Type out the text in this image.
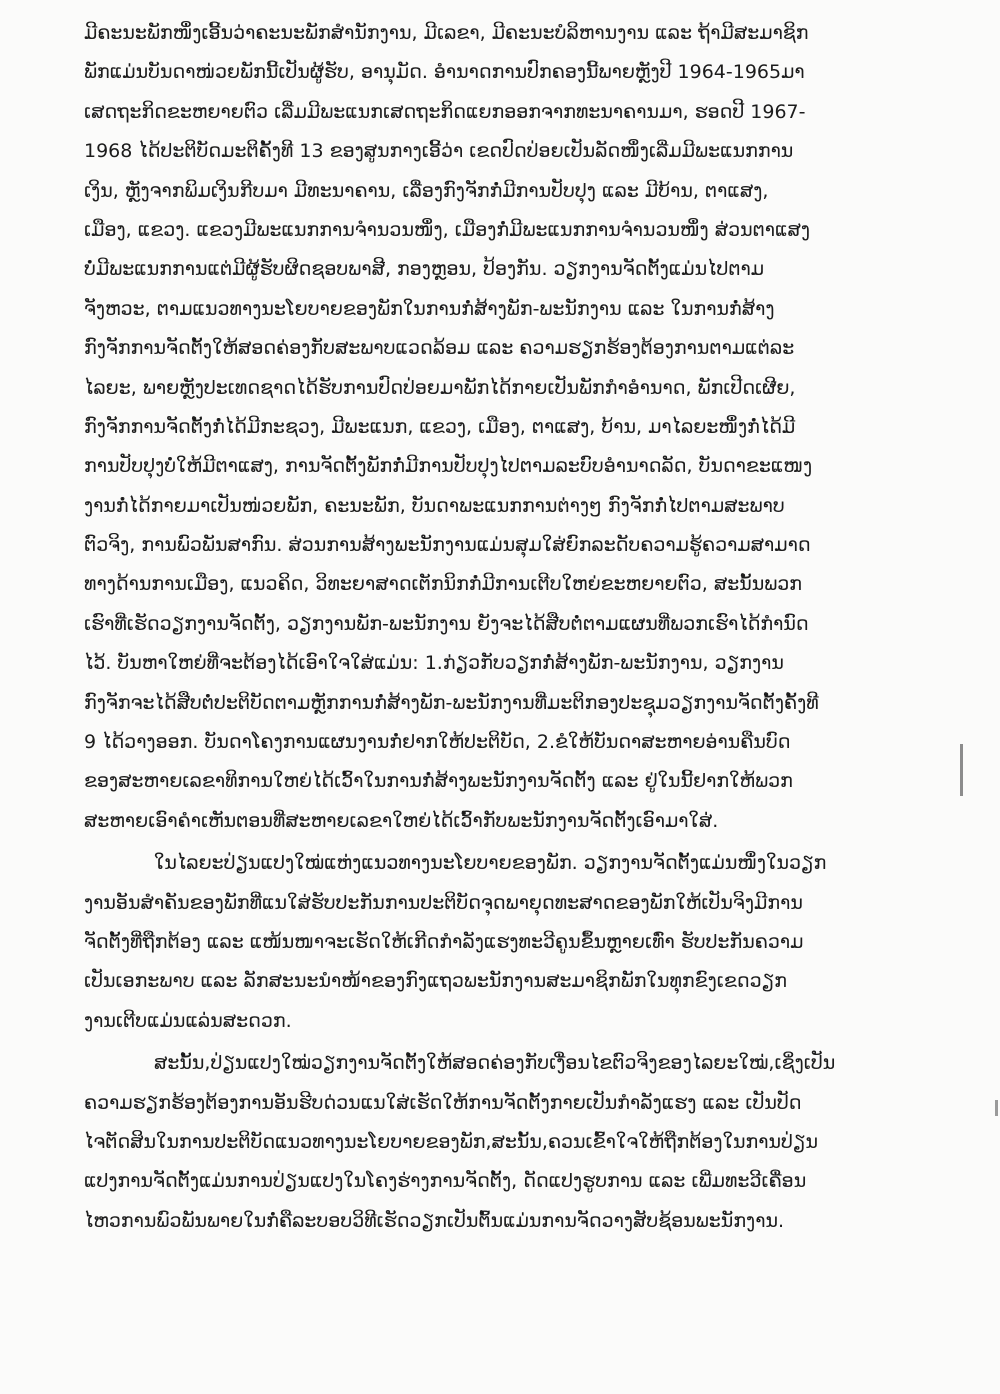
ມີຄະນະພັກໜຶ່ງເອີ້ນວ່າຄະນະພັກສຳນັກງານ, ມີເລຂາ, ມີຄະນະບໍລິຫານງານ ແລະ ຖ້າມີສະມາຊິກ
ພັກແມ່ນບັນດາໜ່ວຍພັກນີ້ເປັນຜູ້ຮັບ, ອານຸມັດ. ອຳນາດການປົກຄອງນີ້ພາຍຫຼັງປີ 1964-1965ມາ
ເສດຖະກິດຂະຫຍາຍຕົວ ເລີ່ມມີພະແນກເສດຖະກິດແຍກອອກຈາກທະນາຄານມາ, ຮອດປີ 1967-
1968 ໄດ້ປະຕິບັດມະຕິຄັ້ງທີ 13 ຂອງສູນກາງເອີ້ວ່າ ເຂດປົດປ່ອຍເປັນລັດໜຶ່ງເລີ່ມມີພະແນກການ
ເງິນ, ຫຼັງຈາກພິມເງິນກີບມາ ມີທະນາຄານ, ເລື່ອງກົງຈັກກໍ່ມີການປັບປຸງ ແລະ ມີບ້ານ, ຕາແສງ,
ເມືອງ, ແຂວງ. ແຂວງມີພະແນກການຈຳນວນໜຶ່ງ, ເມືອງກໍ່ມີພະແນກການຈຳນວນໜຶ່ງ ສ່ວນຕາແສງ
ບໍ່ມີພະແນກການແຕ່ມີຜູ້ຮັບຜິດຊອບພາສີ, ກອງຫຼອນ, ປ້ອງກັນ. ວຽກງານຈັດຕັ້ງແມ່ນໄປຕາມ
ຈັງຫວະ, ຕາມແນວທາງນະໂຍບາຍຂອງພັກໃນການກໍ່ສ້າງພັກ-ພະນັກງານ ແລະ ໃນການກໍ່ສ້າງ
ກົງຈັກການຈັດຕັ້ງໃຫ້ສອດຄ່ອງກັບສະພາບແວດລ້ອມ ແລະ ຄວາມຮຽກຮ້ອງຕ້ອງການຕາມແຕ່ລະ
ໄລຍະ, ພາຍຫຼັງປະເທດຊາດໄດ້ຮັບການປົດປ່ອຍມາພັກໄດ້ກາຍເປັນພັກກຳອຳນາດ, ພັກເປີດເຜີຍ,
ກົງຈັກການຈັດຕັ້ງກໍ່ໄດ້ມີກະຊວງ, ມີພະແນກ, ແຂວງ, ເມືອງ, ຕາແສງ, ບ້ານ, ມາໄລຍະໜຶ່ງກໍ່ໄດ້ມີ
ການປັບປຸງບໍ່ໃຫ້ມີຕາແສງ, ການຈັດຕັ້ງພັກກໍ່ມີການປັບປຸງໄປຕາມລະບົບອຳນາດລັດ, ບັນດາຂະແໜງ
ງານກໍ່ໄດ້ກາຍມາເປັນໜ່ວຍພັກ, ຄະນະພັກ, ບັນດາພະແນກການຕ່າງໆ ກົງຈັກກໍ່ໄປຕາມສະພາບ
ຕົວຈິງ, ການພົວພັນສາກົນ. ສ່ວນການສ້າງພະນັກງານແມ່ນສຸມໃສ່ຍົກລະດັບຄວາມຮູ້ຄວາມສາມາດ
ທາງດ້ານການເມືອງ, ແນວຄິດ, ວິທະຍາສາດເຕັກນິກກໍ່ມີການເຕີບໃຫຍ່ຂະຫຍາຍຕົວ, ສະນັ້ນພວກ
ເຮົາທີ່ເຮັດວຽກງານຈັດຕັ້ງ, ວຽກງານພັກ-ພະນັກງານ ຍັງຈະໄດ້ສືບຕໍ່ຕາມແຜນທີ່ພວກເຮົາໄດ້ກຳນົດ
ໄວ້. ບັນຫາໃຫຍ່ທີ່ຈະຕ້ອງໄດ້ເອົາໃຈໃສ່ແມ່ນ: 1.ກ່ຽວກັບວຽກກໍ່ສ້າງພັກ-ພະນັກງານ, ວຽກງານ
ກົງຈັກຈະໄດ້ສືບຕໍ່ປະຕິບັດຕາມຫຼັກການກໍ່ສ້າງພັກ-ພະນັກງານທີ່ມະຕິກອງປະຊຸມວຽກງານຈັດຕັ້ງຄັ້ງທີ
9 ໄດ້ວາງອອກ. ບັນດາໂຄງການແຜນງານກໍ່ຢາກໃຫ້ປະຕິບັດ, 2.ຂໍໃຫ້ບັນດາສະຫາຍອ່ານຄືນບົດ
ຂອງສະຫາຍເລຂາທິການໃຫຍ່ໄດ້ເວົ້າໃນການກໍ່ສ້າງພະນັກງານຈັດຕັ້ງ ແລະ ຢູ່ໃນນີ້ຢາກໃຫ້ພວກ
ສະຫາຍເອົາຄຳເຫັນຕອນທີ່ສະຫາຍເລຂາໃຫຍ່ໄດ້ເວົ້າກັບພະນັກງານຈັດຕັ້ງເອົາມາໃສ່.
ໃນໄລຍະປ່ຽນແປງໃໝ່ແຫ່ງແນວທາງນະໂຍບາຍຂອງພັກ. ວຽກງານຈັດຕັ້ງແມ່ນໜຶ່ງໃນວຽກ
ງານອັນສຳຄັນຂອງພັກທີ່ແນໃສ່ຮັບປະກັນການປະຕິບັດຈຸດພາຍຸດທະສາດຂອງພັກໃຫ້ເປັນຈິງມີການ
ຈັດຕັ້ງທີ່ຖືກຕ້ອງ ແລະ ແໜ້ນໜາຈະເຮັດໃຫ້ເກີດກຳລັງແຮງທະວີຄູນຂຶ້ນຫຼາຍເທົ່າ ຮັບປະກັນຄວາມ
ເປັນເອກະພາບ ແລະ ລັກສະນະນຳໜ້າຂອງກົງແຖວພະນັກງານສະມາຊິກພັກໃນທຸກຂົງເຂດວຽກ
ງານເຕີບແມ່ນແລ່ນສະດວກ.
ສະນັ້ນ,ປ່ຽນແປງໃໝ່ວຽກງານຈັດຕັ້ງໃຫ້ສອດຄ່ອງກັບເງື່ອນໄຂຕົວຈິງຂອງໄລຍະໃໝ່,ເຊິ່ງເປັນ
ຄວາມຮຽກຮ້ອງຕ້ອງການອັນຮີບດ່ວນແນໃສ່ເຮັດໃຫ້ການຈັດຕັ້ງກາຍເປັນກຳລັງແຮງ ແລະ ເປັນປັດ
ໄຈຕັດສິນໃນການປະຕິບັດແນວທາງນະໂຍບາຍຂອງພັກ,ສະນັ້ນ,ຄວນເຂົ້າໃຈໃຫ້ຖືກຕ້ອງໃນການປ່ຽນ
ແປງການຈັດຕັ້ງແມ່ນການປ່ຽນແປງໃນໂຄງຮ່າງການຈັດຕັ້ງ, ດັດແປງຮູບການ ແລະ ເພີ່ມທະວີເຄື່ອນ
ໄຫວການພົວພັນພາຍໃນກໍ່ຄືລະບອບວິທີເຮັດວຽກເປັນຕົ້ນແມ່ນການຈັດວາງສັບຊ້ອນພະນັກງານ.
